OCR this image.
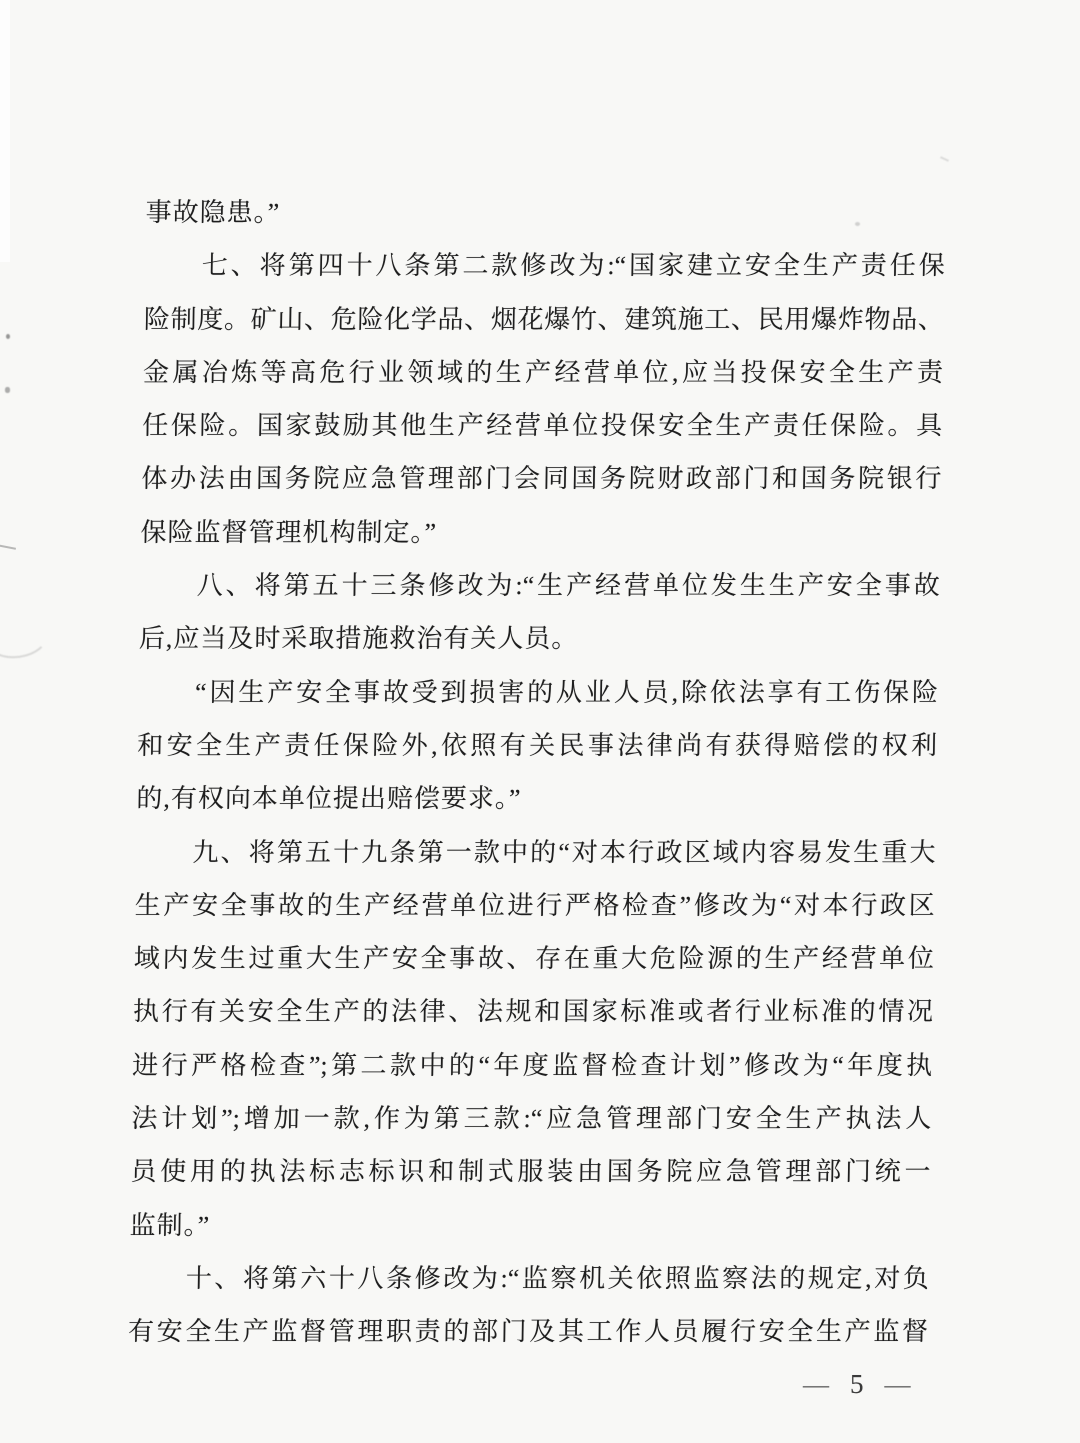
事故隐患。”
七、将第四十八条第二款修改为:“国家建立安全生产责任保
险制度。矿山、危险化学品、烟花爆竹、建筑施工、民用爆炸物品、
金属冶炼等高危行业领域的生产经营单位,应当投保安全生产责
任保险。国家鼓励其他生产经营单位投保安全生产责任保险。具
体办法由国务院应急管理部门会同国务院财政部门和国务院银行
保险监督管理机构制定。”
八、将第五十三条修改为:“生产经营单位发生生产安全事故
后,应当及时采取措施救治有关人员。
“因生产安全事故受到损害的从业人员,除依法享有工伤保险
和安全生产责任保险外,依照有关民事法律尚有获得赔偿的权利
的,有权向本单位提出赔偿要求。”
九、将第五十九条第一款中的“对本行政区域内容易发生重大
生产安全事故的生产经营单位进行严格检查”修改为“对本行政区
域内发生过重大生产安全事故、存在重大危险源的生产经营单位
执行有关安全生产的法律、法规和国家标准或者行业标准的情况
进行严格检查”;第二款中的“年度监督检查计划”修改为“年度执
法计划”;增加一款,作为第三款:“应急管理部门安全生产执法人
员使用的执法标志标识和制式服装由国务院应急管理部门统一
监制。”
十、将第六十八条修改为:“监察机关依照监察法的规定,对负
有安全生产监督管理职责的部门及其工作人员履行安全生产监督
— 5 —
